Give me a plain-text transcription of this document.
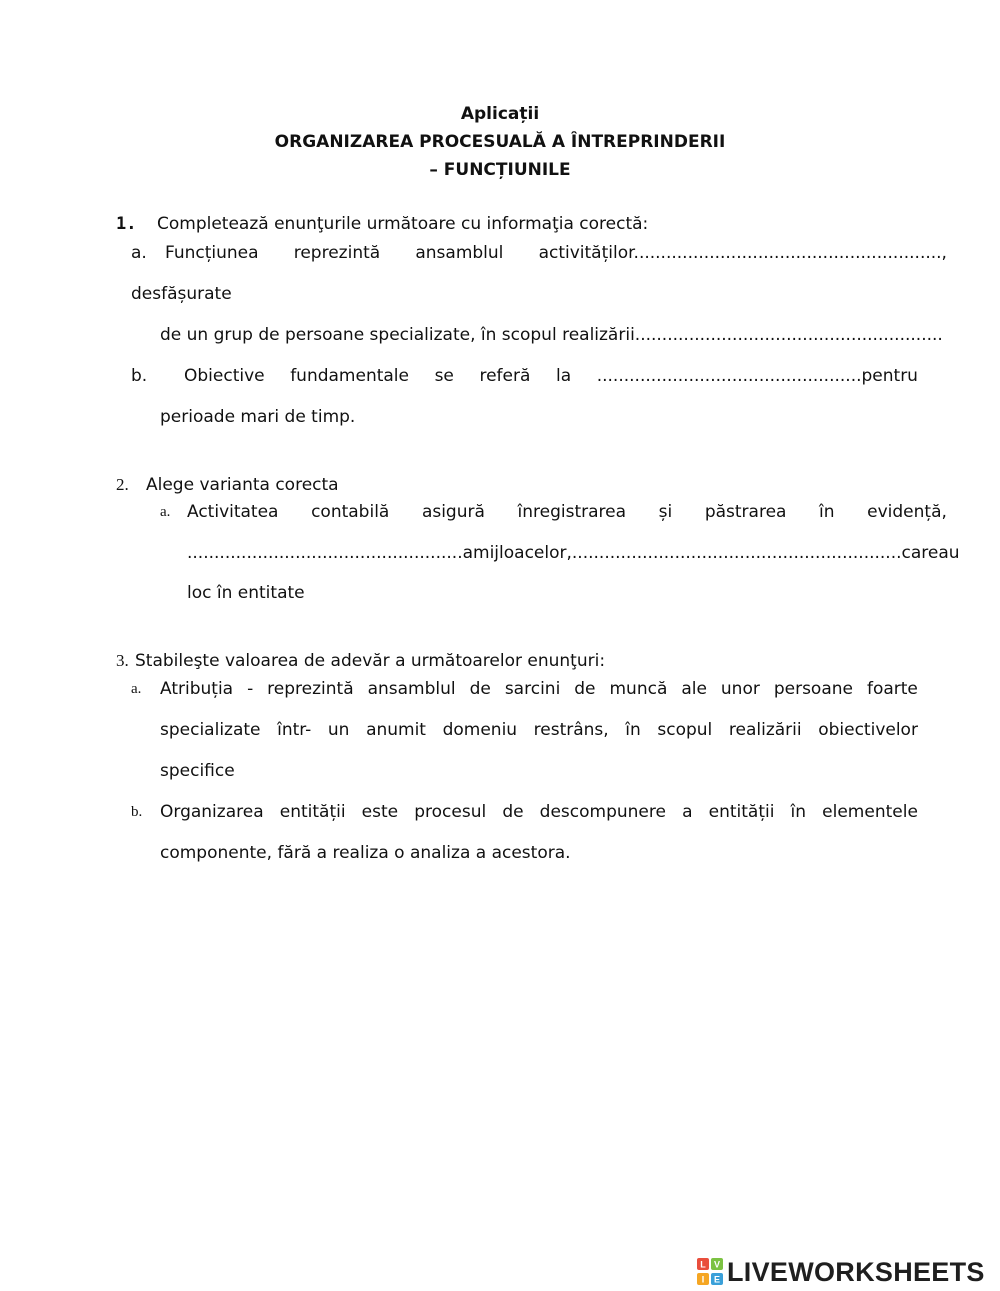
Aplicații
ORGANIZAREA PROCESUALĂ A ÎNTREPRINDERII
– FUNCȚIUNILE
1. Completează enunţurile următoare cu informaţia corectă:
a. Funcțiunea reprezintă ansamblul activităților.........................................................,
desfășurate
de un grup de persoane specializate, în scopul realizării.........................................................
b. Obiective fundamentale se referă la .................................................pentru
perioade mari de timp.
2. Alege varianta corecta
a. Activitatea contabilă asigură înregistrarea și păstrarea în evidență,
...................................................a mijloacelor, .............................................................care au
loc în entitate
3. Stabileşte valoarea de adevăr a următoarelor enunţuri:
a. Atribuția - reprezintă ansamblul de sarcini de muncă ale unor persoane foarte
specializate într- un anumit domeniu restrâns, în scopul realizării obiectivelor
specifice
b. Organizarea entității este procesul de descompunere a entității în elementele
componente, fără a realiza o analiza a acestora.
L
I
V
E LIVEWORKSHEETS
